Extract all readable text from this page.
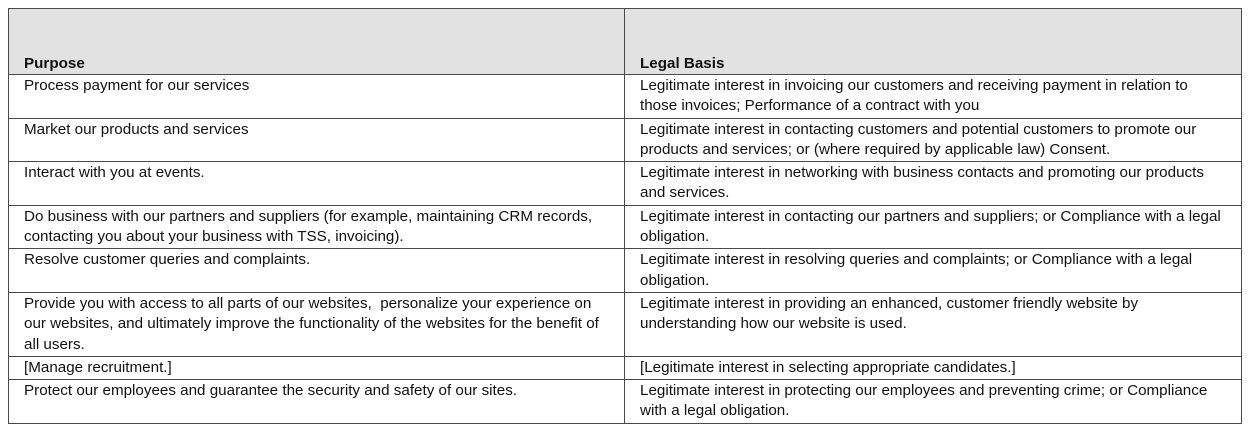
Purpose	Legal Basis
Process payment for our services	Legitimate interest in invoicing our customers and receiving payment in relation to those invoices; Performance of a contract with you
Market our products and services	Legitimate interest in contacting customers and potential customers to promote our products and services; or (where required by applicable law) Consent.
Interact with you at events.	Legitimate interest in networking with business contacts and promoting our products and services.
Do business with our partners and suppliers (for example, maintaining CRM records, contacting you about your business with TSS, invoicing).	Legitimate interest in contacting our partners and suppliers; or Compliance with a legal obligation.
Resolve customer queries and complaints.	Legitimate interest in resolving queries and complaints; or Compliance with a legal obligation.
Provide you with access to all parts of our websites,  personalize your experience on our websites, and ultimately improve the functionality of the websites for the benefit of all users.	Legitimate interest in providing an enhanced, customer friendly website by understanding how our website is used.
[Manage recruitment.]	[Legitimate interest in selecting appropriate candidates.]
Protect our employees and guarantee the security and safety of our sites.	Legitimate interest in protecting our employees and preventing crime; or Compliance with a legal obligation.
